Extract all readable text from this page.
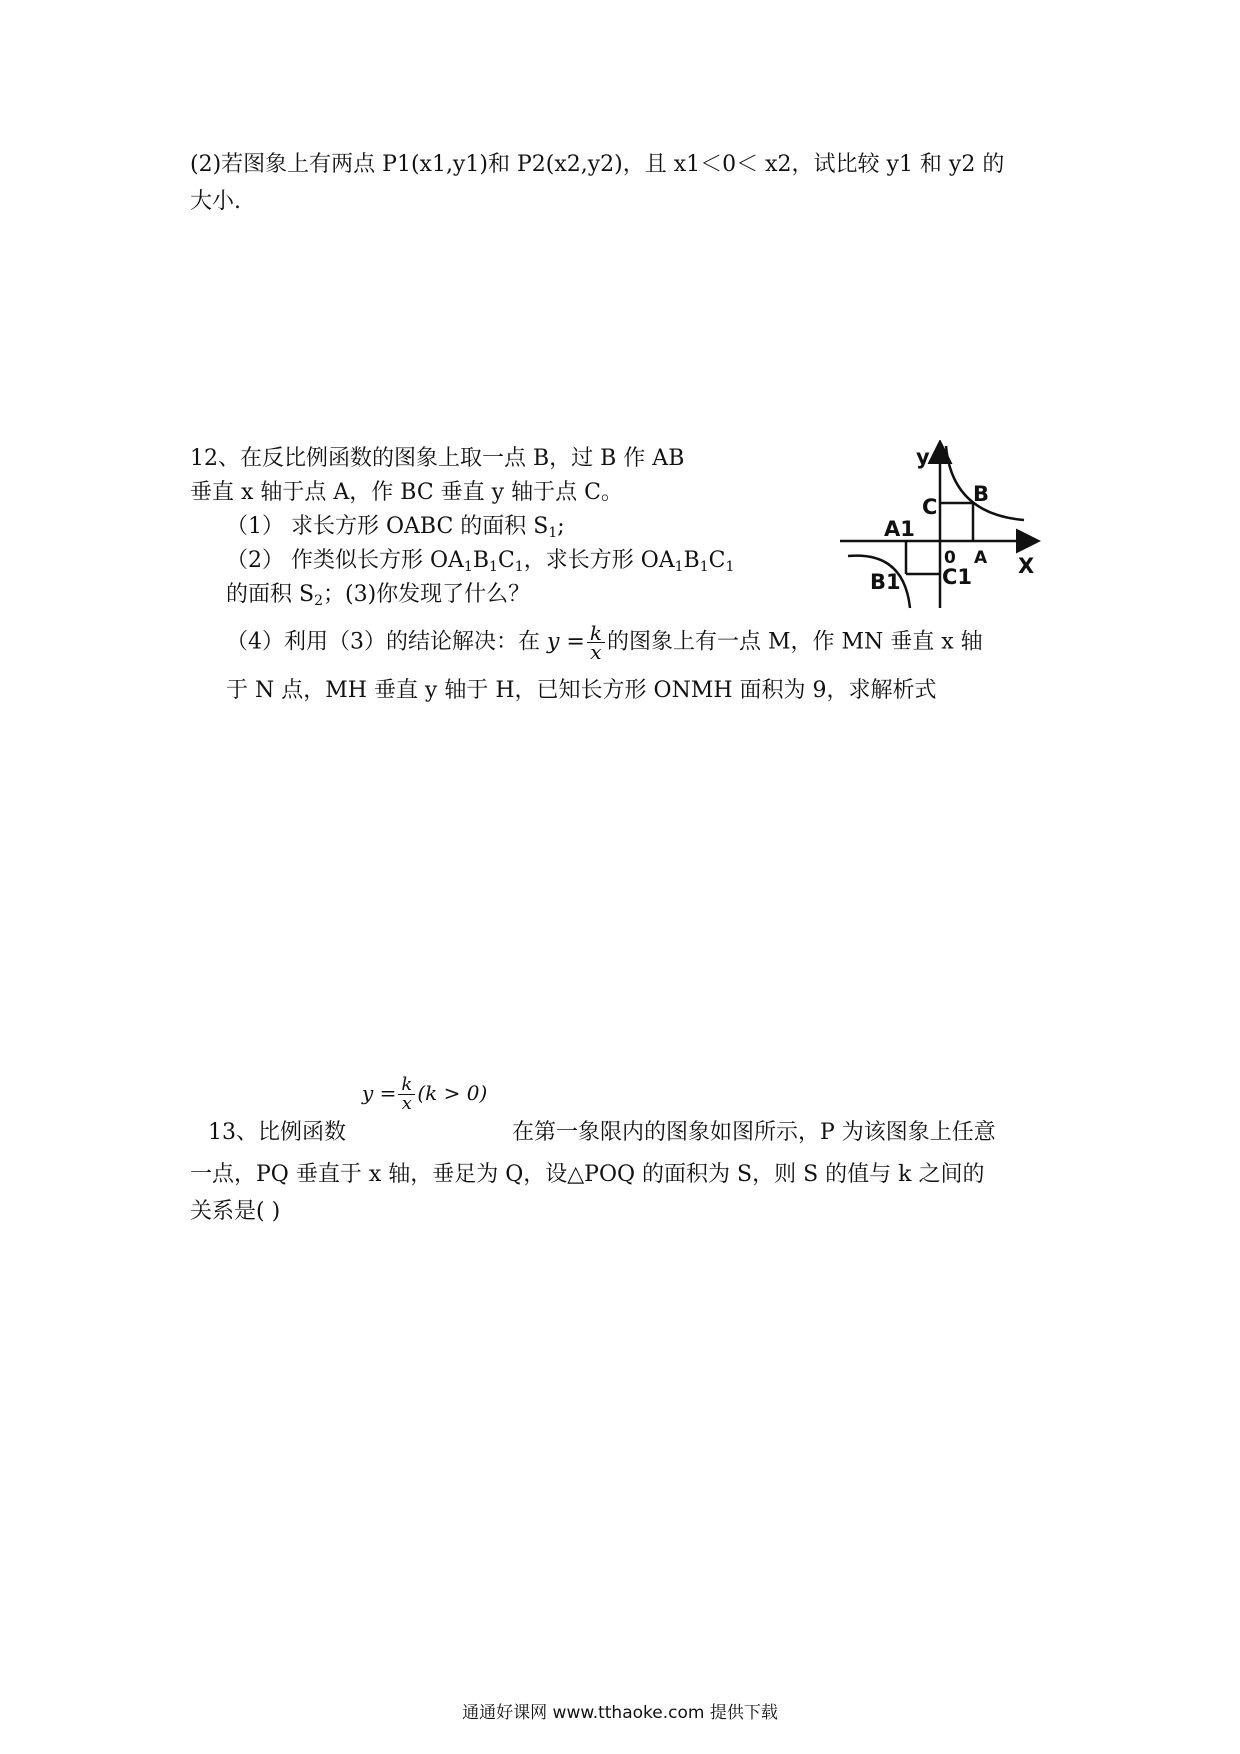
(2)若图象上有两点 P1(x1,y1)和 P2(x2,y2)，且 x1＜0＜ x2，试比较 y1 和 y2 的
大小.
12、在反比例函数的图象上取一点 B，过 B 作 AB
垂直 x 轴于点 A，作 BC 垂直 y 轴于点 C。
（1） 求长方形 OABC 的面积 $S_1$;
（2） 作类似长方形 $OA_1B_1C_1$，求长方形 $OA_1B_1C_1$
的面积 $S_2$；(3)你发现了什么？
（4）利用（3）的结论解决：在 $y = \frac{k}{x}$ 的图象上有一点 M，作 MN 垂直 x 轴
于 N 点，MH 垂直 y 轴于 H，已知长方形 ONMH 面积为 9，求解析式
y
X
B
C
A
0
A1
B1 C1
$y = \frac{k}{x} (k > 0)$
13、比例函数	在第一象限内的图象如图所示，P 为该图象上任意
一点，PQ 垂直于 x 轴，垂足为 Q，设△POQ 的面积为 S，则 S 的值与 k 之间的
关系是( )
通通好课网 www.tthaoke.com 提供下载
